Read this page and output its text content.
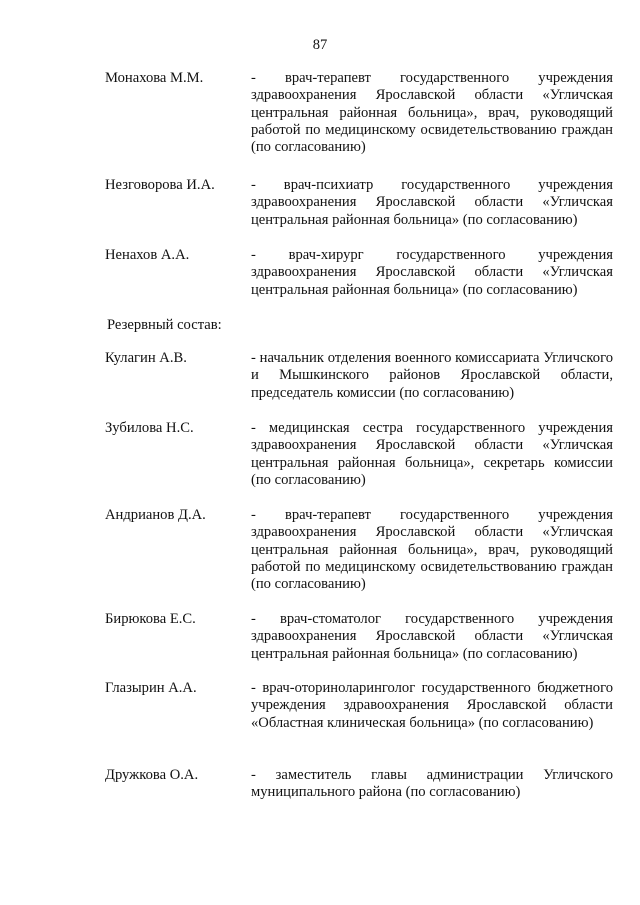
87
Монахова М.М.	- врач-терапевт государственного учреждения здравоохранения Ярославской области «Угличская центральная районная больница», врач, руководящий работой по медицинскому освидетельствованию граждан (по согласованию)
Незговорова И.А. - врач-психиатр государственного учреждения здравоохранения Ярославской области «Угличская центральная районная больница» (по согласованию)
Ненахов А.А.	- врач-хирург государственного учреждения здравоохранения Ярославской области «Угличская центральная районная больница» (по согласованию)
Резервный состав:
Кулагин А.В.	- начальник отделения военного комиссариата Угличского и Мышкинского районов Ярославской области, председатель комиссии (по согласованию)
Зубилова Н.С.	- медицинская сестра государственного учреждения здравоохранения Ярославской области «Угличская центральная районная больница», секретарь комиссии (по согласованию)
Андрианов Д.А.	- врач-терапевт государственного учреждения здравоохранения Ярославской области «Угличская центральная районная больница», врач, руководящий работой по медицинскому освидетельствованию граждан (по согласованию)
Бирюкова Е.С.	- врач-стоматолог государственного учреждения здравоохранения Ярославской области «Угличская центральная районная больница» (по согласованию)
Глазырин А.А.	- врач-оториноларинголог государственного бюджетного учреждения здравоохранения Ярославской области «Областная клиническая больница» (по согласованию)
Дружкова О.А.	- заместитель главы администрации Угличского муниципального района (по согласованию)
